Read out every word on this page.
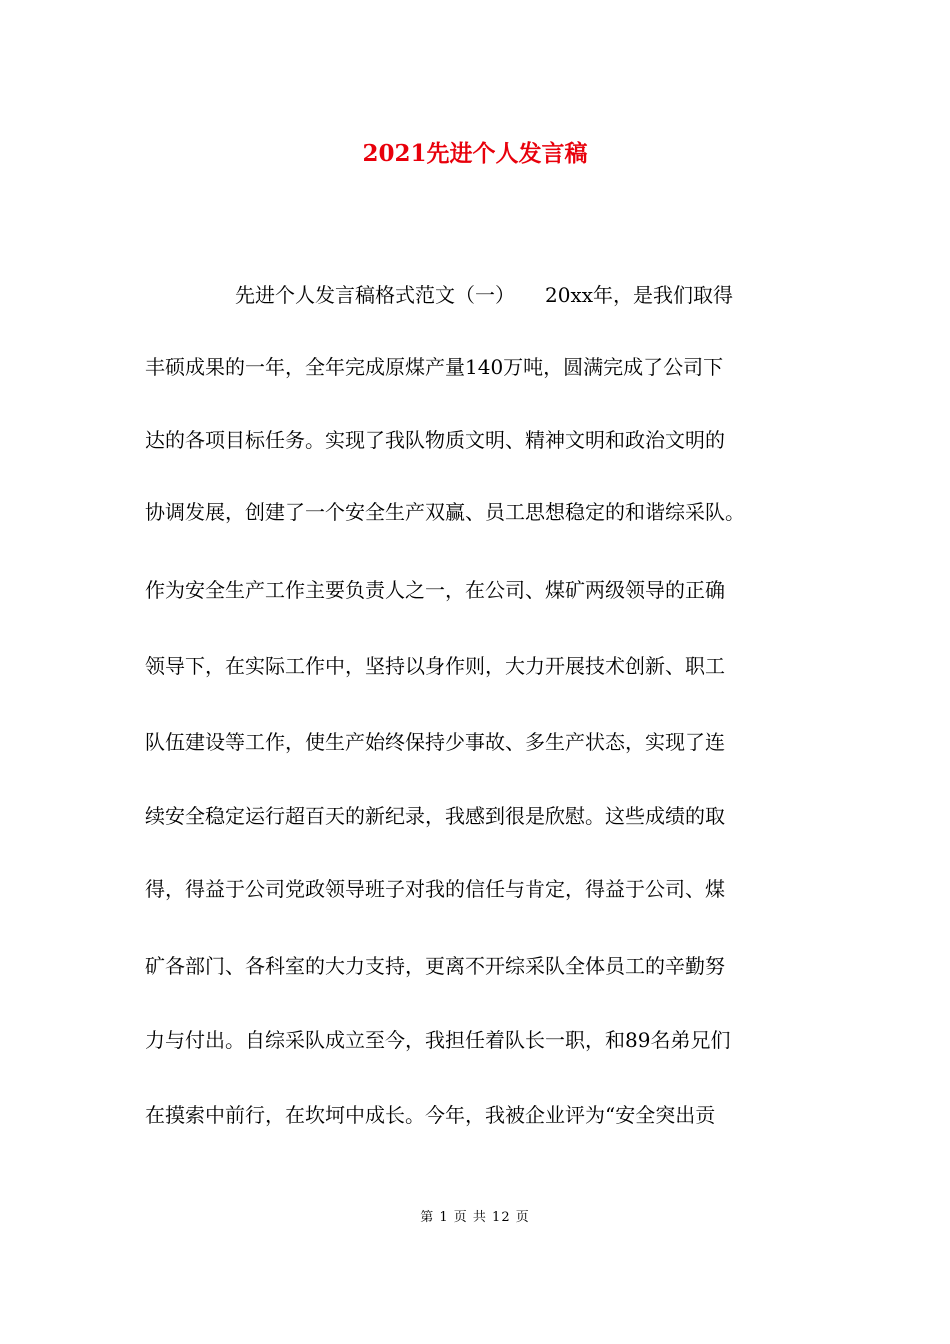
2021先进个人发言稿
先进个人发言稿格式范文（一）　　20xx年，是我们取得
丰硕成果的一年，全年完成原煤产量140万吨，圆满完成了公司下
达的各项目标任务。实现了我队物质文明、精神文明和政治文明的
协调发展，创建了一个安全生产双赢、员工思想稳定的和谐综采队。
作为安全生产工作主要负责人之一，在公司、煤矿两级领导的正确
领导下，在实际工作中，坚持以身作则，大力开展技术创新、职工
队伍建设等工作，使生产始终保持少事故、多生产状态，实现了连
续安全稳定运行超百天的新纪录，我感到很是欣慰。这些成绩的取
得，得益于公司党政领导班子对我的信任与肯定，得益于公司、煤
矿各部门、各科室的大力支持，更离不开综采队全体员工的辛勤努
力与付出。自综采队成立至今，我担任着队长一职，和89名弟兄们
在摸索中前行，在坎坷中成长。今年，我被企业评为“安全突出贡
第 1 页 共 12 页
